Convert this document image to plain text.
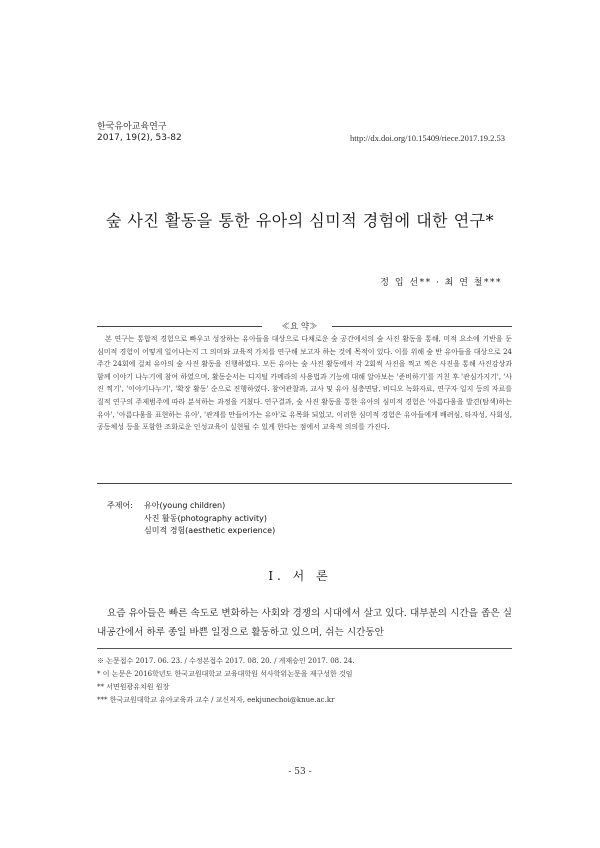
한국유아교육연구
2017, 19(2), 53-82	http://dx.doi.org/10.15409/riece.2017.19.2.53
숲 사진 활동을 통한 유아의 심미적 경험에 대한 연구*
정 입 선** · 최 연 철***
≪요 약≫
본 연구는 통합적 경험으로 빠우고 성장하는 유아들을 대상으로 다채로운 숲 공간에서의 숲 사진 활동을 통해, 미적 요소에 기반을 둔 심미적 경험이 어떻게 일어나는지 그 의미와 교육적 가치를 연구해 보고자 하는 것에 목적이 있다. 이를 위해 숲 반 유아들을 대상으로 24주간 24회에 걸쳐 유아의 숲 사진 활동을 진행하였다. 모든 유아는 숲 사진 활동에서 각 2회씩 사진을 찍고 찍은 사진을 통해 사진감상과 함께 이야기 나누기에 참여 하였으며, 활동순서는 디지털 카메라의 사용법과 기능에 대해 알아보는 '준비하기'를 거친 후 '관심가지기', '사진 찍기', '이야기나누기', '확장 활동' 순으로 진행하였다. 참여관찰과, 교사 및 유아 심층면담, 비디오 녹화자료, 연구자 일지 등의 자료를 질적 연구의 주제범주에 따라 분석하는 과정을 거쳤다. 연구결과, 숲 사진 활동을 통한 유아의 심미적 경험은 '아름다움을 발견(탐색)하는 유아', '아름다움을 표현하는 유아', '관계를 만들어가는 유아'로 유목화 되었고, 이러한 심미적 경험은 유아들에게 배려심, 타자성, 사회성, 공동체성 등을 포함한 조화로운 인성교육이 실현될 수 있게 한다는 점에서 교육적 의의를 가진다.
주제어:	유아(young children)
사진 활동(photography activity)
심미적 경험(aesthetic experience)
Ⅰ. 서 론
요즘 유아들은 빠른 속도로 변화하는 사회와 경쟁의 시대에서 살고 있다. 대부분의 시간을 좁은 실내공간에서 하루 종일 바쁜 일정으로 활동하고 있으며, 쉬는 시간동안
※ 논문접수 2017. 06. 23. / 수정본접수 2017. 08. 20. / 게재승인 2017. 08. 24.
* 이 논문은 2016학년도 한국교원대학교 교육대학원 석사학위논문을 재구성한 것임
** 서면원광유치원 원장
*** 한국교원대학교 유아교육과 교수 / 교신저자, eekjunechoi@knue.ac.kr
- 53 -
